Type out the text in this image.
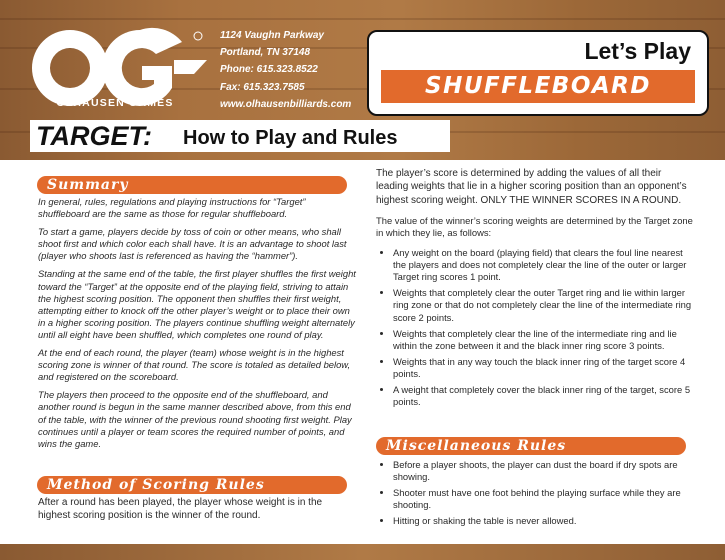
OLHAUSEN GAMES
1124 Vaughn Parkway
Portland, TN 37148
Phone: 615.323.8522
Fax: 615.323.7585
www.olhausenbilliards.com
Let’s Play
SHUFFLEBOARD
TARGET: How to Play and Rules
Summary

In general, rules, regulations and playing instructions for “Target” shuffleboard are the same as those for regular shuffleboard.

To start a game, players decide by toss of coin or other means, who shall shoot first and which color each shall have. It is an advantage to shoot last (player who shoots last is referenced as having the “hammer”).

Standing at the same end of the table, the first player shuffles the first weight toward the “Target” at the opposite end of the playing field, striving to attain the highest scoring position. The opponent then shuffles their first weight, attempting either to knock off the other player’s weight or to place their own in a higher scoring position. The players continue shuffling weight alternately until all eight have been shuffled, which completes one round of play.

At the end of each round, the player (team) whose weight is in the highest scoring zone is winner of that round. The score is totaled as detailed below, and registered on the scoreboard.

The players then proceed to the opposite end of the shuffleboard, and another round is begun in the same manner described above, from this end of the table, with the winner of the previous round shooting first weight. Play continues until a player or team scores the required number of points, and wins the game.

Method of Scoring Rules

After a round has been played, the player whose weight is in the highest scoring position is the winner of the round.

The player’s score is determined by adding the values of all their leading weights that lie in a higher scoring position than an opponent’s highest scoring weight. ONLY THE WINNER SCORES IN A ROUND.

The value of the winner’s scoring weights are determined by the Target zone in which they lie, as follows:

• Any weight on the board (playing field) that clears the foul line nearest the players and does not completely clear the line of the outer or larger Target ring scores 1 point.
• Weights that completely clear the outer Target ring and lie within larger ring zone or that do not completely clear the line of the intermediate ring score 2 points.
• Weights that completely clear the line of the intermediate ring and lie within the zone between it and the black inner ring score 3 points.
• Weights that in any way touch the black inner ring of the target score 4 points.
• A weight that completely cover the black inner ring of the target, score 5 points.
Miscellaneous Rules
• Before a player shoots, the player can dust the board if dry spots are showing.
• Shooter must have one foot behind the playing surface while they are shooting.
• Hitting or shaking the table is never allowed.
